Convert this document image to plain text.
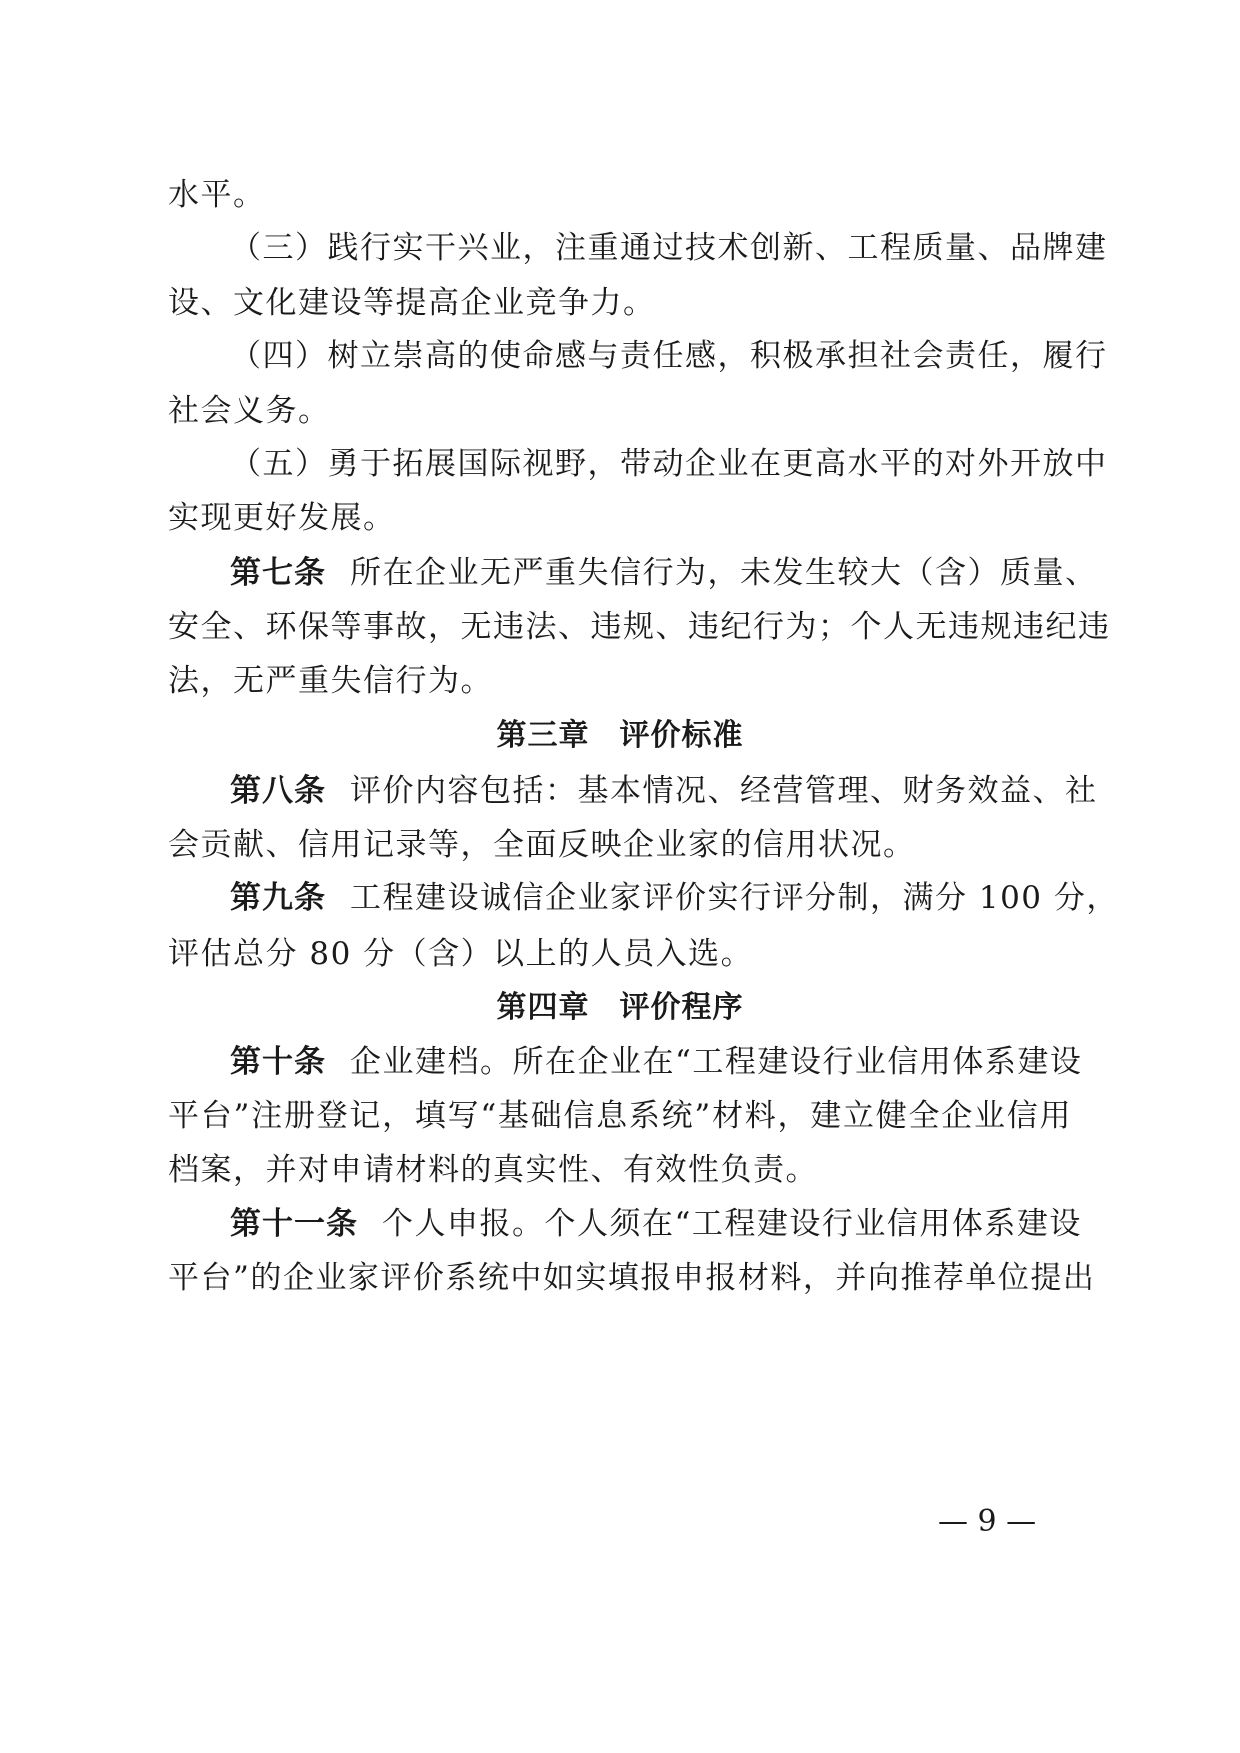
水平。
（三）践行实干兴业，注重通过技术创新、工程质量、品牌建
设、文化建设等提高企业竞争力。
（四）树立崇高的使命感与责任感，积极承担社会责任，履行
社会义务。
（五）勇于拓展国际视野，带动企业在更高水平的对外开放中
实现更好发展。
第七条 所在企业无严重失信行为，未发生较大（含）质量、
安全、环保等事故，无违法、违规、违纪行为；个人无违规违纪违
法，无严重失信行为。
第三章 评价标准
第八条 评价内容包括：基本情况、经营管理、财务效益、社
会贡献、信用记录等，全面反映企业家的信用状况。
第九条 工程建设诚信企业家评价实行评分制，满分 100 分，
评估总分 80 分（含）以上的人员入选。
第四章 评价程序
第十条 企业建档。所在企业在“工程建设行业信用体系建设
平台”注册登记，填写“基础信息系统”材料，建立健全企业信用
档案，并对申请材料的真实性、有效性负责。
第十一条 个人申报。个人须在“工程建设行业信用体系建设
平台”的企业家评价系统中如实填报申报材料，并向推荐单位提出
— 9 —
